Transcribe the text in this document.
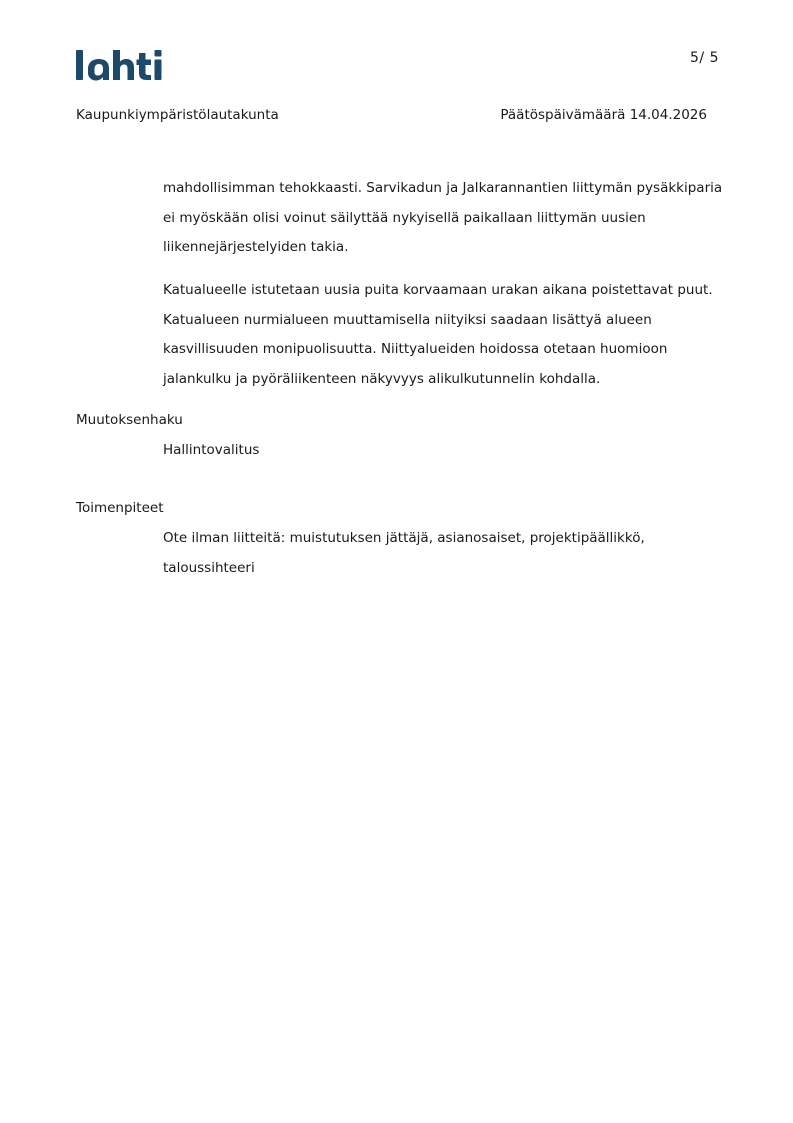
5/ 5
Kaupunkiympäristölautakunta	Päätöspäivämäärä 14.04.2026

mahdollisimman tehokkaasti. Sarvikadun ja Jalkarannantien liittymän pysäkkiparia

ei myöskään olisi voinut säilyttää nykyisellä paikallaan liittymän uusien

liikennejärjestelyiden takia.

Katualueelle istutetaan uusia puita korvaamaan urakan aikana poistettavat puut.

Katualueen nurmialueen muuttamisella niityiksi saadaan lisättyä alueen

kasvillisuuden monipuolisuutta. Niittyalueiden hoidossa otetaan huomioon

jalankulku ja pyöräliikenteen näkyvyys alikulkutunnelin kohdalla.

Muutoksenhaku
Hallintovalitus
Toimenpiteet
Ote ilman liitteitä: muistutuksen jättäjä, asianosaiset, projektipäällikkö,
taloussihteeri
